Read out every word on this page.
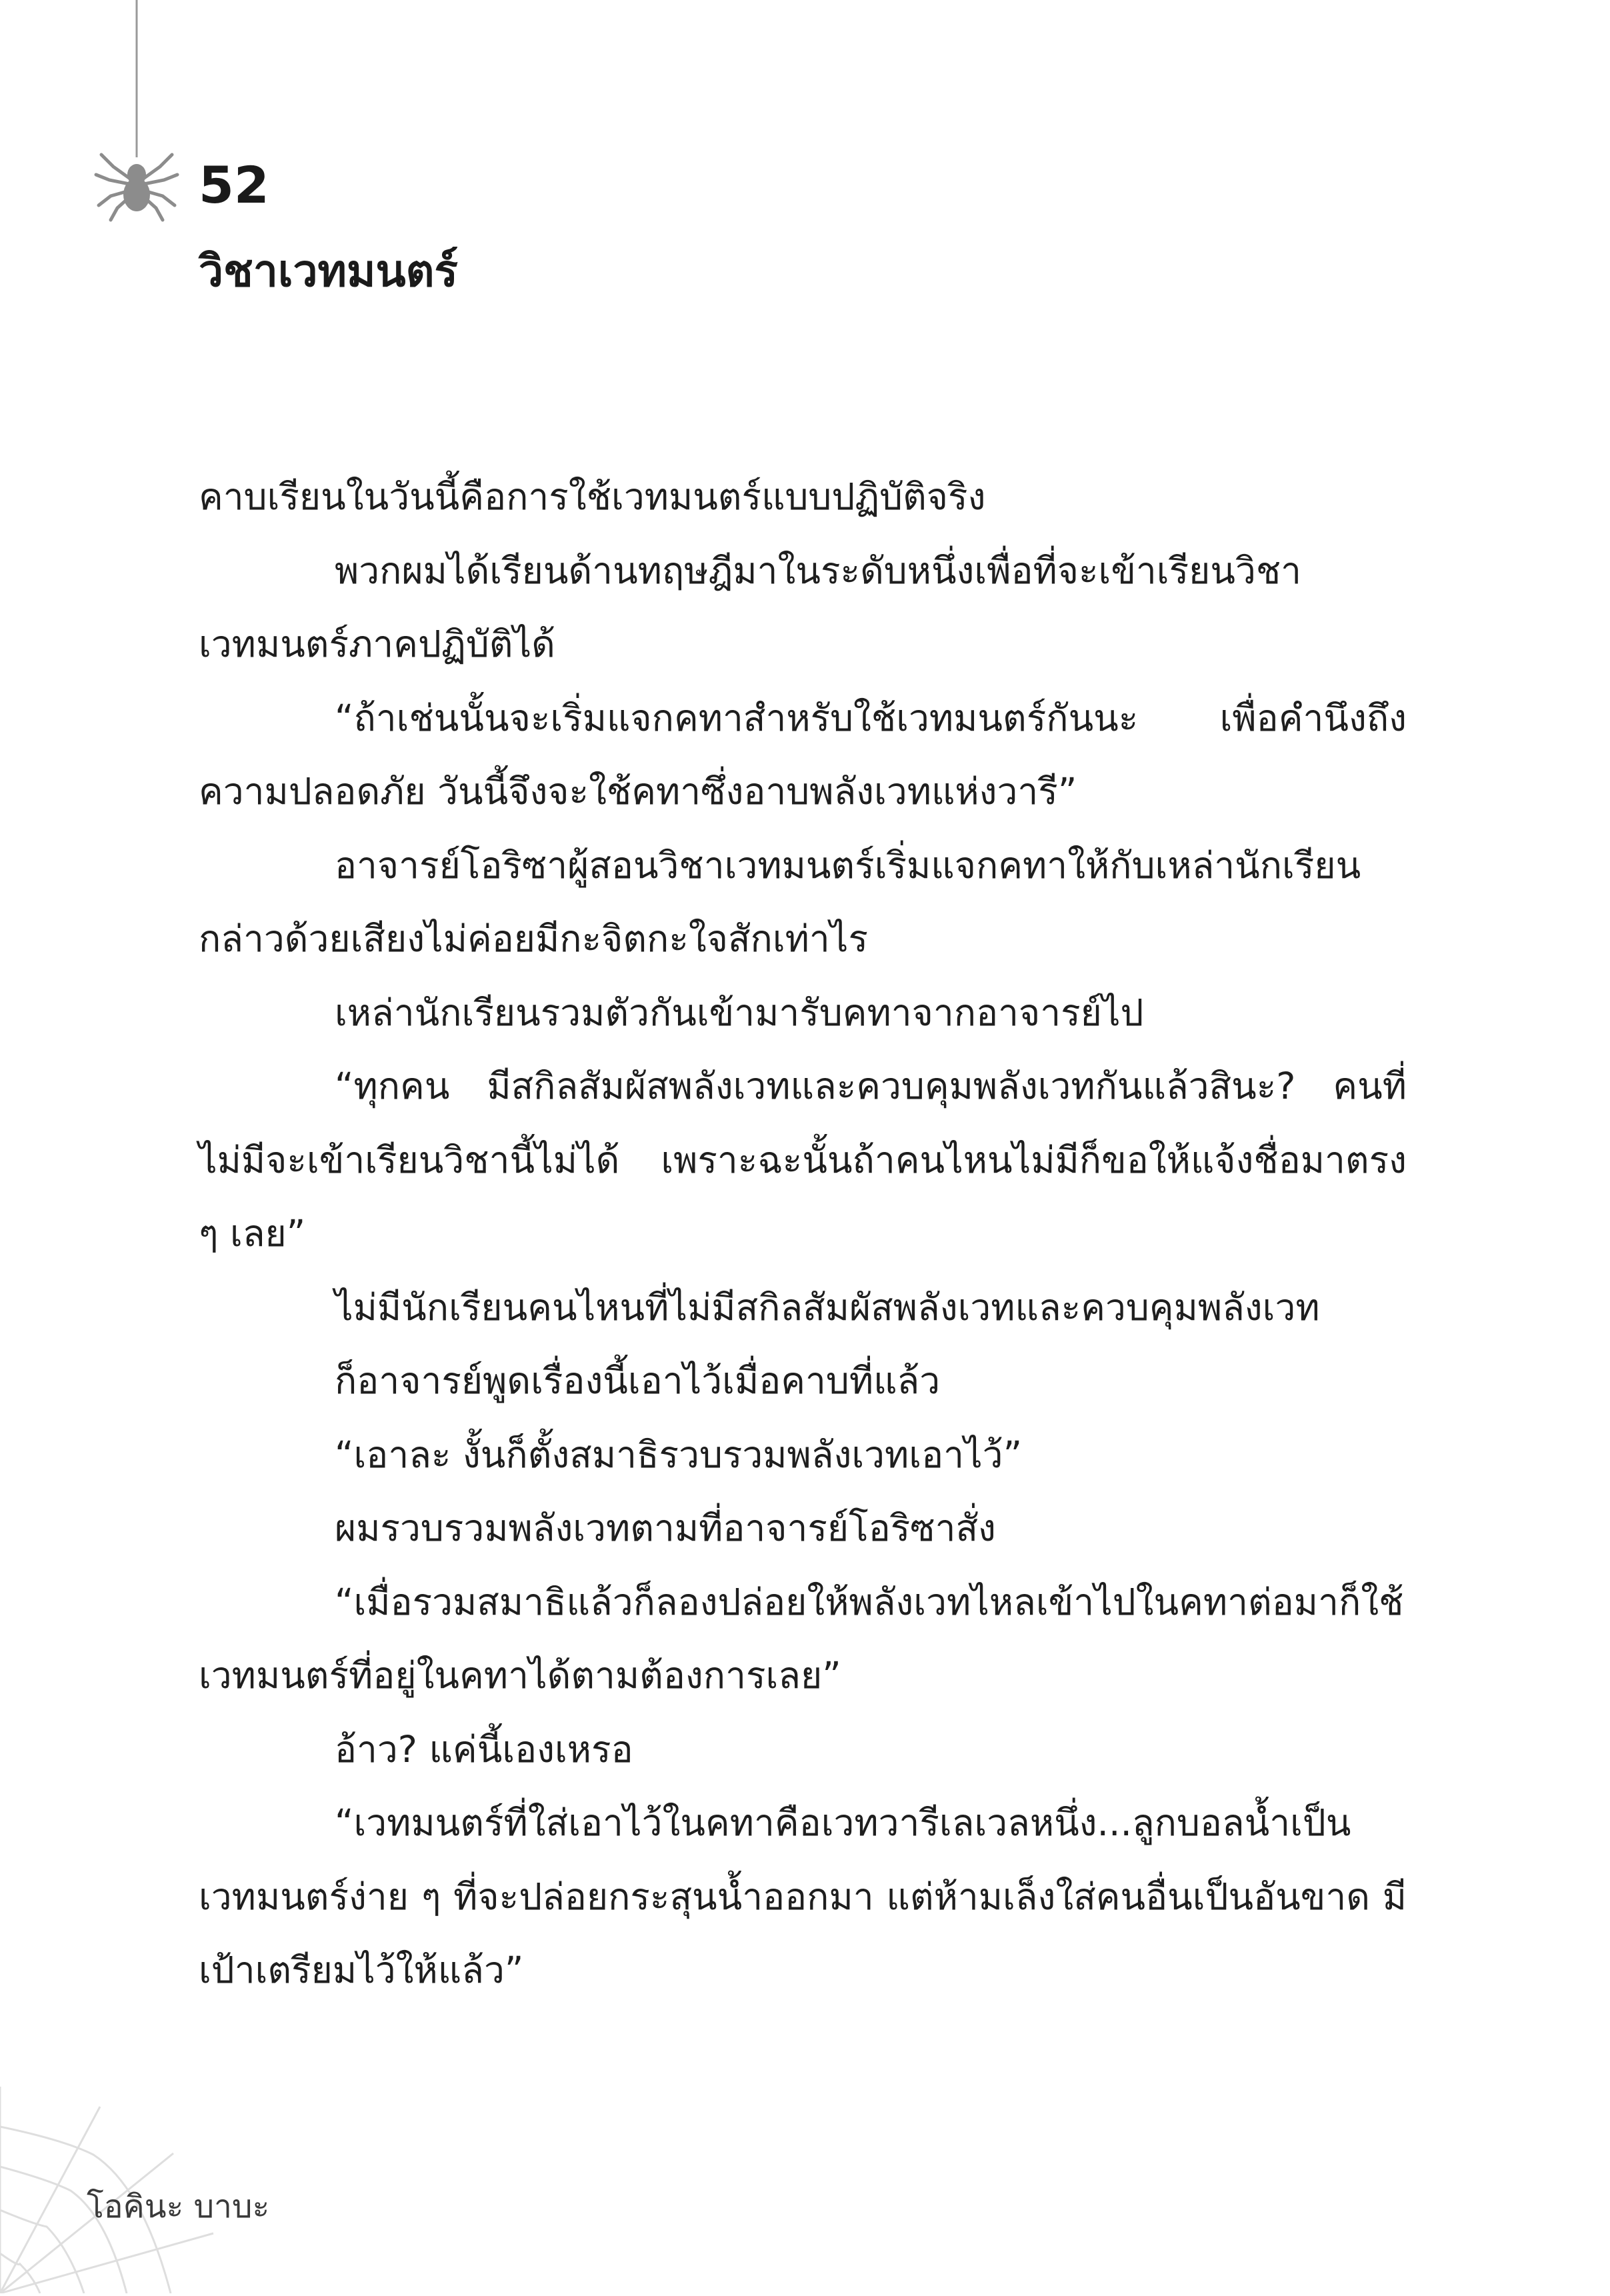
52
วิชาเวทมนตร์

คาบเรียนในวันนี้คือการใช้เวทมนตร์แบบปฏิบัติจริง

พวกผมได้เรียนด้านทฤษฎีมาในระดับหนึ่งเพื่อที่จะเข้าเรียนวิชาเวทมนตร์ภาคปฏิบัติได้

“ถ้าเช่นนั้นจะเริ่มแจกคทาสำหรับใช้เวทมนตร์กันนะ เพื่อคำนึงถึงความปลอดภัย วันนี้จึงจะใช้คทาซึ่งอาบพลังเวทแห่งวารี”

อาจารย์โอริซาผู้สอนวิชาเวทมนตร์เริ่มแจกคทาให้กับเหล่านักเรียน กล่าวด้วยเสียงไม่ค่อยมีกะจิตกะใจสักเท่าไร

เหล่านักเรียนรวมตัวกันเข้ามารับคทาจากอาจารย์ไป

“ทุกคน มีสกิลสัมผัสพลังเวทและควบคุมพลังเวทกันแล้วสินะ? คนที่ไม่มีจะเข้าเรียนวิชานี้ไม่ได้ เพราะฉะนั้นถ้าคนไหนไม่มีก็ขอให้แจ้งชื่อมาตรง ๆ เลย”

ไม่มีนักเรียนคนไหนที่ไม่มีสกิลสัมผัสพลังเวทและควบคุมพลังเวท

ก็อาจารย์พูดเรื่องนี้เอาไว้เมื่อคาบที่แล้ว

“เอาละ งั้นก็ตั้งสมาธิรวบรวมพลังเวทเอาไว้”

ผมรวบรวมพลังเวทตามที่อาจารย์โอริซาสั่ง

“เมื่อรวมสมาธิแล้วก็ลองปล่อยให้พลังเวทไหลเข้าไปในคทาต่อมาก็ใช้เวทมนตร์ที่อยู่ในคทาได้ตามต้องการเลย”

อ้าว? แค่นี้เองเหรอ

“เวทมนตร์ที่ใส่เอาไว้ในคทาคือเวทวารีเลเวลหนึ่ง...ลูกบอลน้ำเป็นเวทมนตร์ง่าย ๆ ที่จะปล่อยกระสุนน้ำออกมา แต่ห้ามเล็งใส่คนอื่นเป็นอันขาด มีเป้าเตรียมไว้ให้แล้ว”

โอคินะ บาบะ
